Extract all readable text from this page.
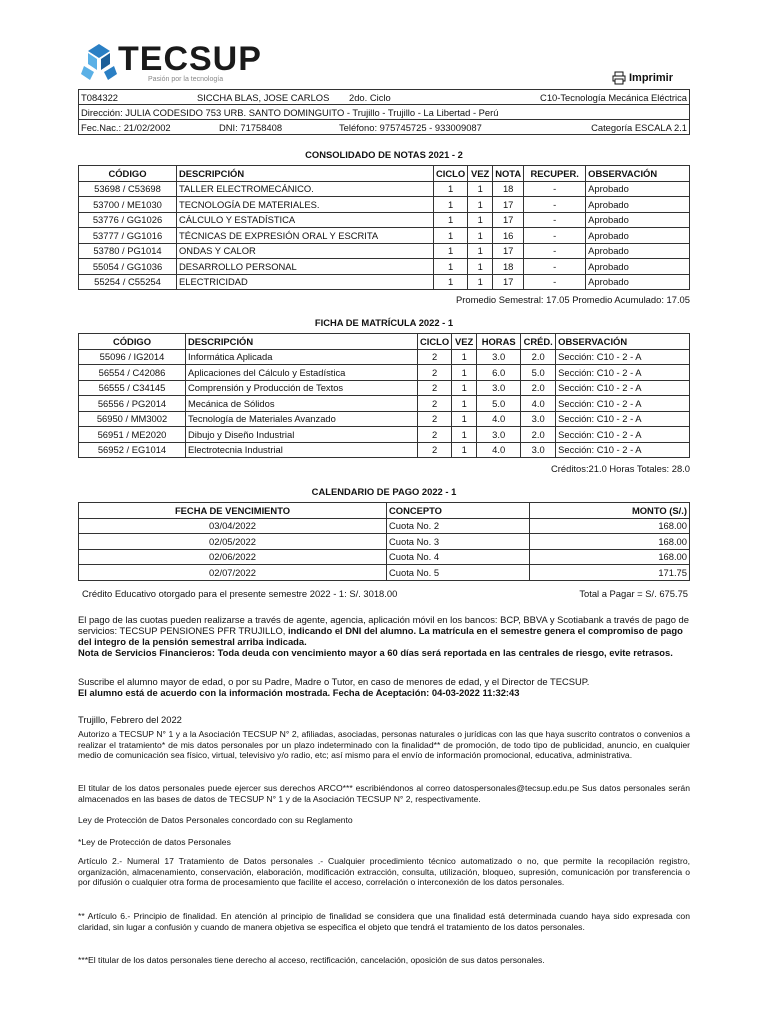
TECSUP
Pasión por la tecnología	Imprimir
T084322	SICCHA BLAS, JOSE CARLOS	2do. Ciclo	C10-Tecnología Mecánica Eléctrica
Dirección: JULIA CODESIDO 753 URB. SANTO DOMINGUITO - Trujillo - Trujillo - La Libertad - Perú
Fec.Nac.: 21/02/2002	DNI: 71758408	Teléfono: 975745725 - 933009087	Categoría ESCALA 2.1
CONSOLIDADO DE NOTAS 2021 - 2
CÓDIGO	DESCRIPCIÓN	CICLO	VEZ	NOTA	RECUPER.	OBSERVACIÓN
53698 / C53698	TALLER ELECTROMECÁNICO.	1	1	18	-	Aprobado
53700 / ME1030	TECNOLOGÍA DE MATERIALES.	1	1	17	-	Aprobado
53776 / GG1026	CÁLCULO Y ESTADÍSTICA	1	1	17	-	Aprobado
53777 / GG1016	TÉCNICAS DE EXPRESIÓN ORAL Y ESCRITA	1	1	16	-	Aprobado
53780 / PG1014	ONDAS Y CALOR	1	1	17	-	Aprobado
55054 / GG1036	DESARROLLO PERSONAL	1	1	18	-	Aprobado
55254 / C55254	ELECTRICIDAD	1	1	17	-	Aprobado
Promedio Semestral: 17.05 Promedio Acumulado: 17.05
FICHA DE MATRÍCULA 2022 - 1
CÓDIGO	DESCRIPCIÓN	CICLO	VEZ	HORAS	CRÉD.	OBSERVACIÓN
55096 / IG2014	Informática Aplicada	2	1	3.0	2.0	Sección: C10 - 2 - A
56554 / C42086	Aplicaciones del Cálculo y Estadística	2	1	6.0	5.0	Sección: C10 - 2 - A
56555 / C34145	Comprensión y Producción de Textos	2	1	3.0	2.0	Sección: C10 - 2 - A
56556 / PG2014	Mecánica de Sólidos	2	1	5.0	4.0	Sección: C10 - 2 - A
56950 / MM3002	Tecnología de Materiales Avanzado	2	1	4.0	3.0	Sección: C10 - 2 - A
56951 / ME2020	Dibujo y Diseño Industrial	2	1	3.0	2.0	Sección: C10 - 2 - A
56952 / EG1014	Electrotecnia Industrial	2	1	4.0	3.0	Sección: C10 - 2 - A
Créditos:21.0 Horas Totales: 28.0
CALENDARIO DE PAGO 2022 - 1
FECHA DE VENCIMIENTO	CONCEPTO	MONTO (S/.)
03/04/2022	Cuota No. 2	168.00
02/05/2022	Cuota No. 3	168.00
02/06/2022	Cuota No. 4	168.00
02/07/2022	Cuota No. 5	171.75
Crédito Educativo otorgado para el presente semestre 2022 - 1: S/. 3018.00	Total a Pagar = S/. 675.75
El pago de las cuotas pueden realizarse a través de agente, agencia, aplicación móvil en los bancos: BCP, BBVA y Scotiabank a través de pago de servicios: TECSUP PENSIONES PFR TRUJILLO, indicando el DNI del alumno. La matrícula en el semestre genera el compromiso de pago del integro de la pensión semestral arriba indicada.
Nota de Servicios Financieros: Toda deuda con vencimiento mayor a 60 días será reportada en las centrales de riesgo, evite retrasos.
Suscribe el alumno mayor de edad, o por su Padre, Madre o Tutor, en caso de menores de edad, y el Director de TECSUP.
El alumno está de acuerdo con la información mostrada. Fecha de Aceptación: 04-03-2022 11:32:43
Trujillo, Febrero del 2022
Autorizo a TECSUP N° 1 y a la Asociación TECSUP N° 2, afiliadas, asociadas, personas naturales o jurídicas con las que haya suscrito contratos o convenios a realizar el tratamiento* de mis datos personales por un plazo indeterminado con la finalidad** de promoción, de todo tipo de publicidad, anuncio, en cualquier medio de comunicación sea físico, virtual, televisivo y/o radio, etc; así mismo para el envío de información promocional, educativa, administrativa.
El titular de los datos personales puede ejercer sus derechos ARCO*** escribiéndonos al correo datospersonales@tecsup.edu.pe Sus datos personales serán almacenados en las bases de datos de TECSUP N° 1 y de la Asociación TECSUP N° 2, respectivamente.
Ley de Protección de Datos Personales concordado con su Reglamento
*Ley de Protección de datos Personales
Artículo 2.- Numeral 17 Tratamiento de Datos personales .- Cualquier procedimiento técnico automatizado o no, que permite la recopilación registro, organización, almacenamiento, conservación, elaboración, modificación extracción, consulta, utilización, bloqueo, supresión, comunicación por transferencia o por difusión o cualquier otra forma de procesamiento que facilite el acceso, correlación o interconexión de los datos personales.
** Artículo 6.- Principio de finalidad. En atención al principio de finalidad se considera que una finalidad está determinada cuando haya sido expresada con claridad, sin lugar a confusión y cuando de manera objetiva se especifica el objeto que tendrá el tratamiento de los datos personales.
***El titular de los datos personales tiene derecho al acceso, rectificación, cancelación, oposición de sus datos personales.
